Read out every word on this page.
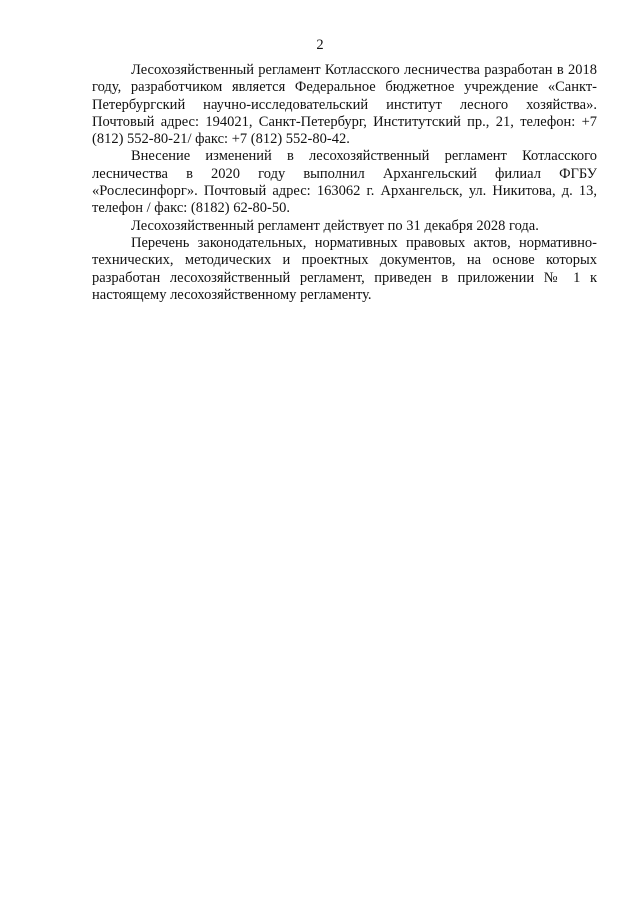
2

Лесохозяйственный регламент Котласского лесничества разработан в 2018 году, разработчиком является Федеральное бюджетное учреждение «Санкт-Петербургский научно-исследовательский институт лесного хозяйства». Почтовый адрес: 194021, Санкт-Петербург, Институтский пр., 21, телефон: +7 (812) 552-80-21/ факс: +7 (812) 552-80-42.

Внесение изменений в лесохозяйственный регламент Котласского лесничества в 2020 году выполнил Архангельский филиал ФГБУ «Рослесинфорг». Почтовый адрес: 163062 г. Архангельск, ул. Никитова, д. 13, телефон / факс: (8182) 62-80-50.

Лесохозяйственный регламент действует по 31 декабря 2028 года.

Перечень законодательных, нормативных правовых актов, нормативно-технических, методических и проектных документов, на основе которых разработан лесохозяйственный регламент, приведен в приложении № 1 к настоящему лесохозяйственному регламенту.
